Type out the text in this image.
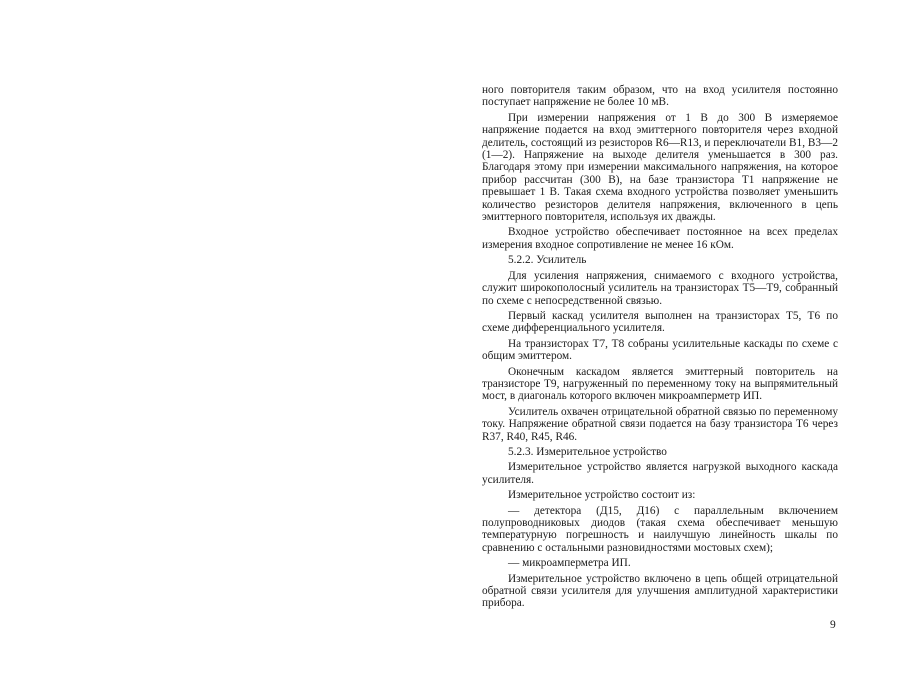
ного повторителя таким образом, что на вход усилителя постоянно поступает напряжение не более 10 мВ.

При измерении напряжения от 1 В до 300 В измеряемое напряжение подается на вход эмиттерного повторителя через входной делитель, состоящий из резисторов R6—R13, и переключатели В1, В3—2 (1—2). Напряжение на выходе делителя уменьшается в 300 раз. Благодаря этому при измерении максимального напряжения, на которое прибор рассчитан (300 В), на базе транзистора Т1 напряжение не превышает 1 В. Такая схема входного устройства позволяет уменьшить количество резисторов делителя напряжения, включенного в цепь эмиттерного повторителя, используя их дважды.

Входное устройство обеспечивает постоянное на всех пределах измерения входное сопротивление не менее 16 кОм.

5.2.2. Усилитель

Для усиления напряжения, снимаемого с входного устройства, служит широкополосный усилитель на транзисторах Т5—Т9, собранный по схеме с непосредственной связью.

Первый каскад усилителя выполнен на транзисторах Т5, Т6 по схеме дифференциального усилителя.

На транзисторах Т7, Т8 собраны усилительные каскады по схеме с общим эмиттером.

Оконечным каскадом является эмиттерный повторитель на транзисторе Т9, нагруженный по переменному току на выпрямительный мост, в диагональ которого включен микроамперметр ИП.

Усилитель охвачен отрицательной обратной связью по переменному току. Напряжение обратной связи подается на базу транзистора Т6 через R37, R40, R45, R46.

5.2.3. Измерительное устройство

Измерительное устройство является нагрузкой выходного каскада усилителя.

Измерительное устройство состоит из:

— детектора (Д15, Д16) с параллельным включением полупроводниковых диодов (такая схема обеспечивает меньшую температурную погрешность и наилучшую линейность шкалы по сравнению с остальными разновидностями мостовых схем);

— микроамперметра ИП.

Измерительное устройство включено в цепь общей отрицательной обратной связи усилителя для улучшения амплитудной характеристики прибора.

9
